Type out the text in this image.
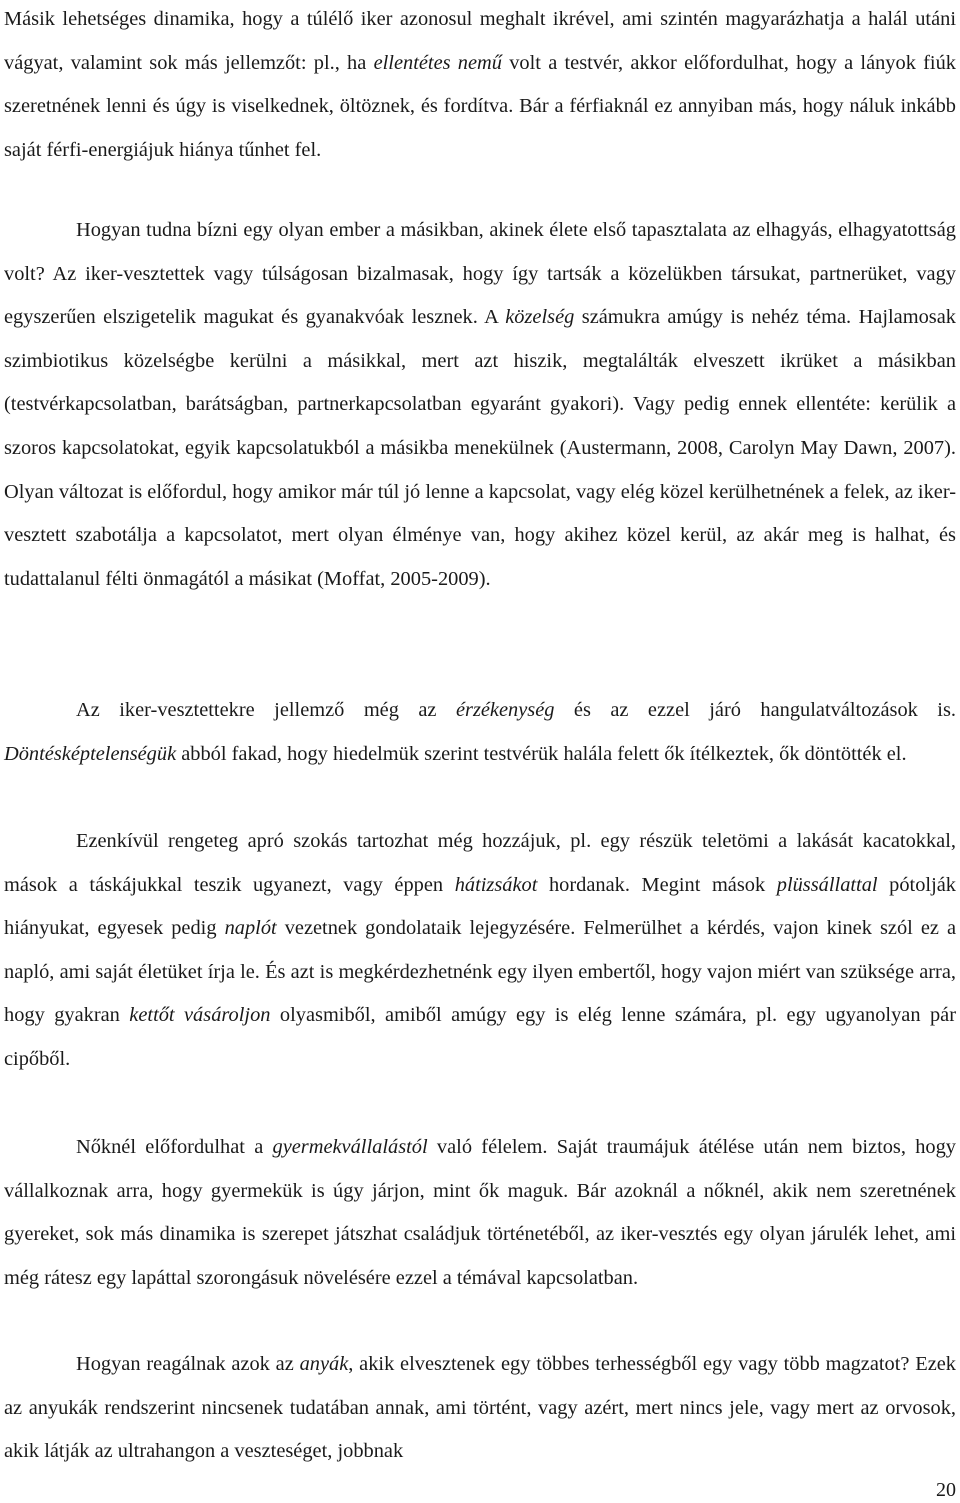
Másik lehetséges dinamika, hogy a túlélő iker azonosul meghalt ikrével, ami szintén magyarázhatja a halál utáni vágyat, valamint sok más jellemzőt: pl., ha ellentétes nemű volt a testvér, akkor előfordulhat, hogy a lányok fiúk szeretnének lenni és úgy is viselkednek, öltöznek, és fordítva. Bár a férfiaknál ez annyiban más, hogy náluk inkább saját férfi-energiájuk hiánya tűnhet fel.

Hogyan tudna bízni egy olyan ember a másikban, akinek élete első tapasztalata az elhagyás, elhagyatottság volt? Az iker-vesztettek vagy túlságosan bizalmasak, hogy így tartsák a közelükben társukat, partnerüket, vagy egyszerűen elszigetelik magukat és gyanakvóak lesznek. A közelség számukra amúgy is nehéz téma. Hajlamosak szimbiotikus közelségbe kerülni a másikkal, mert azt hiszik, megtalálták elveszett ikrüket a másikban (testvérkapcsolatban, barátságban, partnerkapcsolatban egyaránt gyakori). Vagy pedig ennek ellentéte: kerülik a szoros kapcsolatokat, egyik kapcsolatukból a másikba menekülnek (Austermann, 2008, Carolyn May Dawn, 2007). Olyan változat is előfordul, hogy amikor már túl jó lenne a kapcsolat, vagy elég közel kerülhetnének a felek, az iker-vesztett szabotálja a kapcsolatot, mert olyan élménye van, hogy akihez közel kerül, az akár meg is halhat, és tudattalanul félti önmagától a másikat (Moffat, 2005-2009).

Az iker-vesztettekre jellemző még az érzékenység és az ezzel járó hangulatváltozások is. Döntésképtelenségük abból fakad, hogy hiedelmük szerint testvérük halála felett ők ítélkeztek, ők döntötték el.

Ezenkívül rengeteg apró szokás tartozhat még hozzájuk, pl. egy részük teletömi a lakását kacatokkal, mások a táskájukkal teszik ugyanezt, vagy éppen hátizsákot hordanak. Megint mások plüssállattal pótolják hiányukat, egyesek pedig naplót vezetnek gondolataik lejegyzésére. Felmerülhet a kérdés, vajon kinek szól ez a napló, ami saját életüket írja le. És azt is megkérdezhetnénk egy ilyen embertől, hogy vajon miért van szüksége arra, hogy gyakran kettőt vásároljon olyasmiből, amiből amúgy egy is elég lenne számára, pl. egy ugyanolyan pár cipőből.

Nőknél előfordulhat a gyermekvállalástól való félelem. Saját traumájuk átélése után nem biztos, hogy vállalkoznak arra, hogy gyermekük is úgy járjon, mint ők maguk. Bár azoknál a nőknél, akik nem szeretnének gyereket, sok más dinamika is szerepet játszhat családjuk történetéből, az iker-vesztés egy olyan járulék lehet, ami még rátesz egy lapáttal szorongásuk növelésére ezzel a témával kapcsolatban.

Hogyan reagálnak azok az anyák, akik elvesztenek egy többes terhességből egy vagy több magzatot? Ezek az anyukák rendszerint nincsenek tudatában annak, ami történt, vagy azért, mert nincs jele, vagy mert az orvosok, akik látják az ultrahangon a veszteséget, jobbnak

20
